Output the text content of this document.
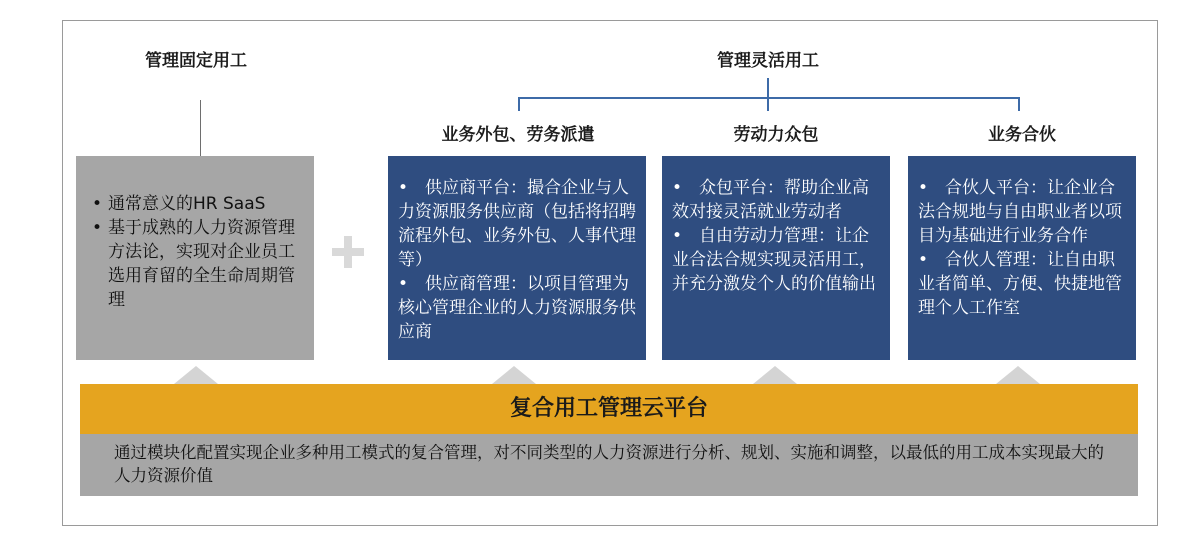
管理固定用工	管理灵活用工
业务外包、劳务派遣	劳动力众包	业务合伙
• 通常意义的HR SaaS
• 基于成熟的人力资源管理方法论，实现对企业员工选用育留的全生命周期管理

•　供应商平台：撮合企业与人力资源服务供应商（包括将招聘流程外包、业务外包、人事代理等）
•　供应商管理：以项目管理为核心管理企业的人力资源服务供应商

•　众包平台：帮助企业高效对接灵活就业劳动者
•　自由劳动力管理：让企业合法合规实现灵活用工，并充分激发个人的价值输出

•　合伙人平台：让企业合法合规地与自由职业者以项目为基础进行业务合作
•　合伙人管理：让自由职业者简单、方便、快捷地管理个人工作室

复合用工管理云平台
通过模块化配置实现企业多种用工模式的复合管理，对不同类型的人力资源进行分析、规划、实施和调整，以最低的用工成本实现最大的人力资源价值
